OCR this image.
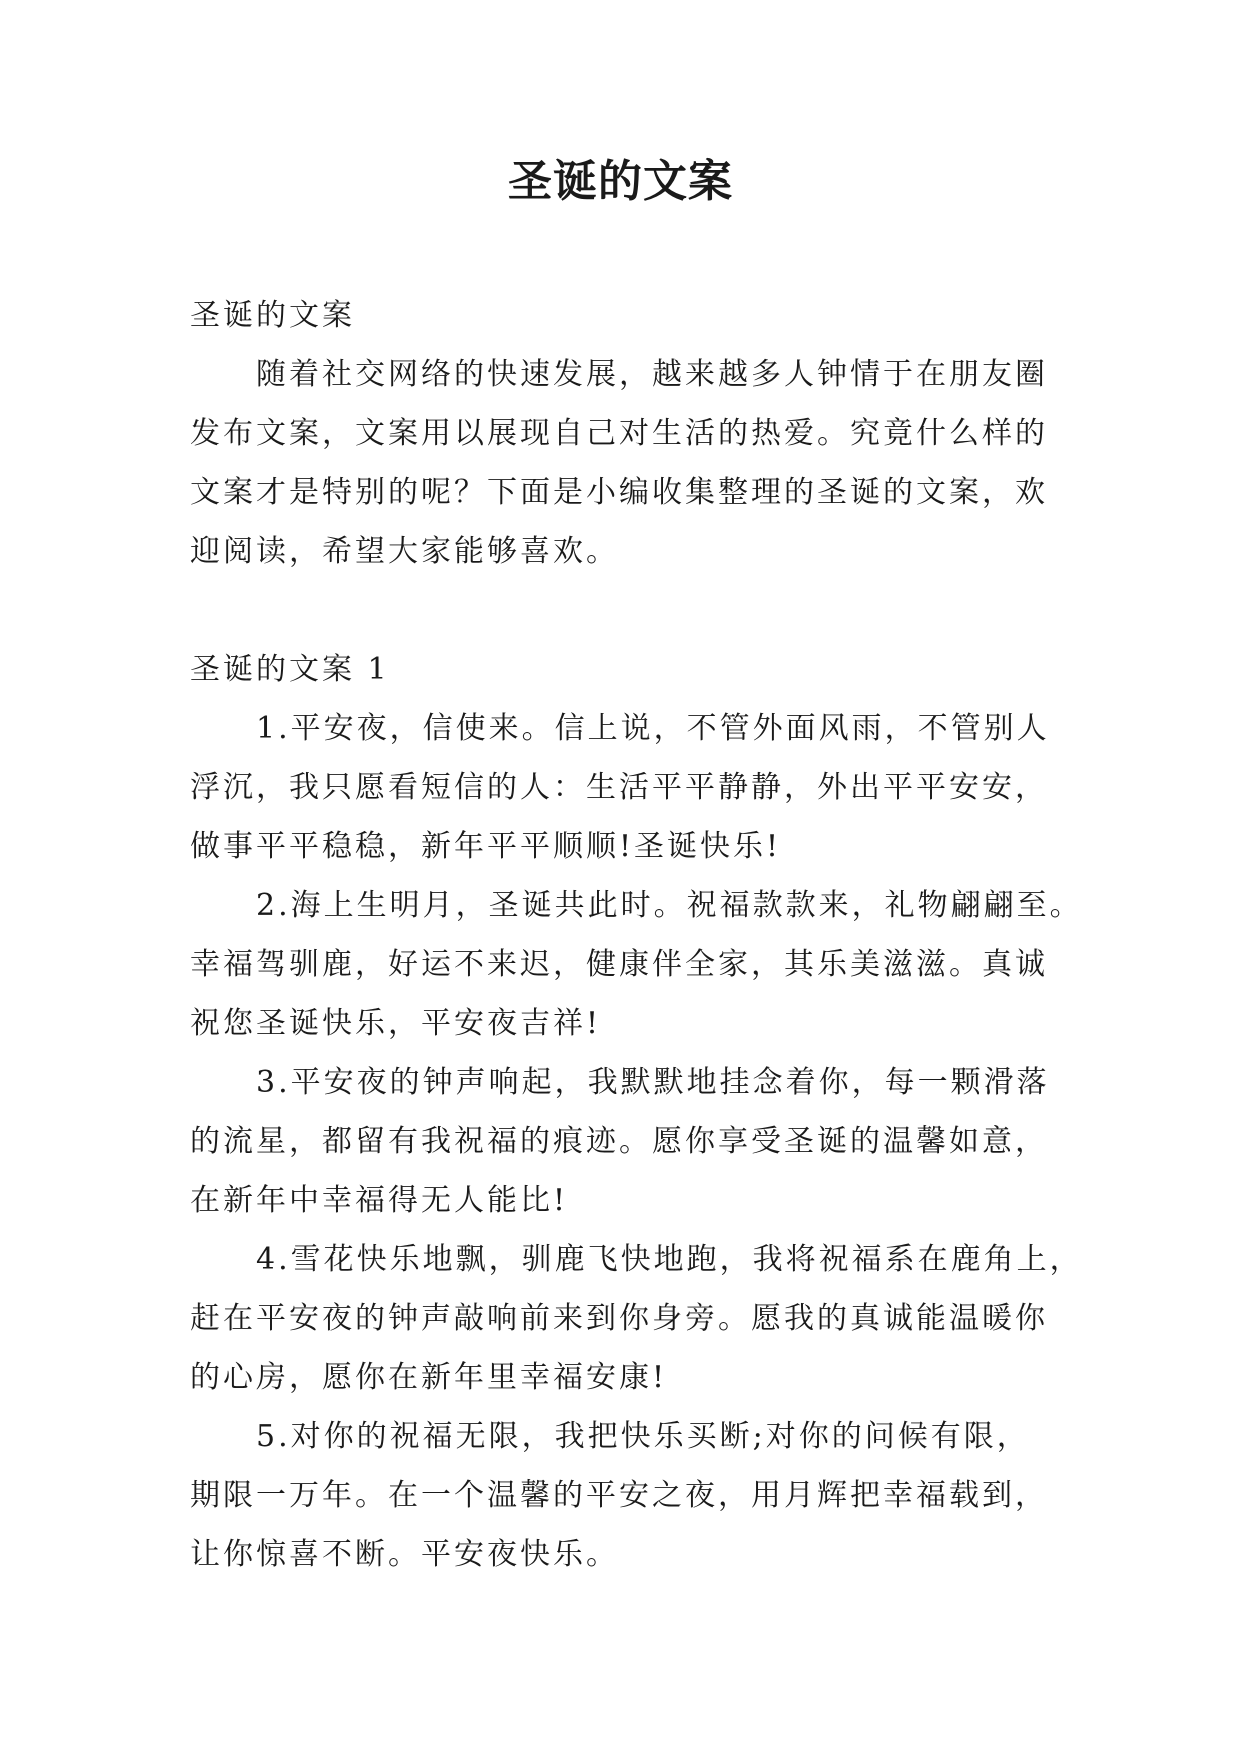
圣诞的文案

圣诞的文案

随着社交网络的快速发展，越来越多人钟情于在朋友圈

发布文案，文案用以展现自己对生活的热爱。究竟什么样的

文案才是特别的呢？下面是小编收集整理的圣诞的文案，欢

迎阅读，希望大家能够喜欢。

圣诞的文案 1

1.平安夜，信使来。信上说，不管外面风雨，不管别人

浮沉，我只愿看短信的人：生活平平静静，外出平平安安，

做事平平稳稳，新年平平顺顺!圣诞快乐!

2.海上生明月，圣诞共此时。祝福款款来，礼物翩翩至。

幸福驾驯鹿，好运不来迟，健康伴全家，其乐美滋滋。真诚

祝您圣诞快乐，平安夜吉祥!

3.平安夜的钟声响起，我默默地挂念着你，每一颗滑落

的流星，都留有我祝福的痕迹。愿你享受圣诞的温馨如意，

在新年中幸福得无人能比!

4.雪花快乐地飘，驯鹿飞快地跑，我将祝福系在鹿角上，

赶在平安夜的钟声敲响前来到你身旁。愿我的真诚能温暖你

的心房，愿你在新年里幸福安康!

5.对你的祝福无限，我把快乐买断;对你的问候有限，

期限一万年。在一个温馨的平安之夜，用月辉把幸福载到，

让你惊喜不断。平安夜快乐。
